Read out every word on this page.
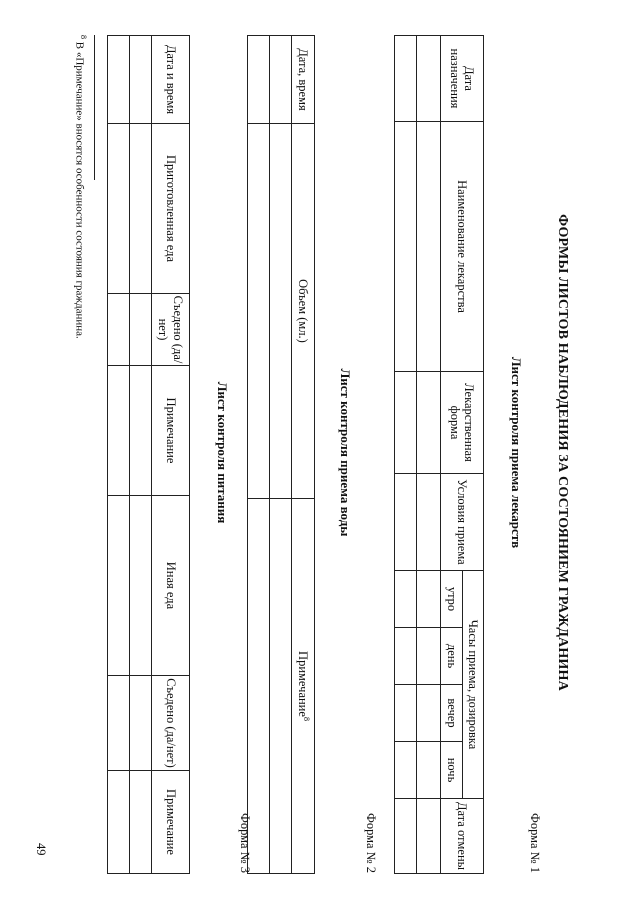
ФОРМЫ ЛИСТОВ НАБЛЮДЕНИЯ ЗА СОСТОЯНИЕМ ГРАЖДАНИНА
Форма № 1
Лист контроля приема лекарств
Дата назначения	Наименование лекарства	Лекарственная форма	Условия приема	Часы приема, дозировка				Дата отмены
				утро	день	вечер	ночь	

Форма № 2
Лист контроля приема воды
Дата, время	Объем (мл.)	Примечание$^8$

Форма № 3
Лист контроля питания
Дата и время	Приготовленная еда	Съедено (да/нет)	Примечание	Иная еда	Съедено (да/нет)	Примечание

$^8$ В «Примечание» вносятся особенности состояния гражданина.
49
